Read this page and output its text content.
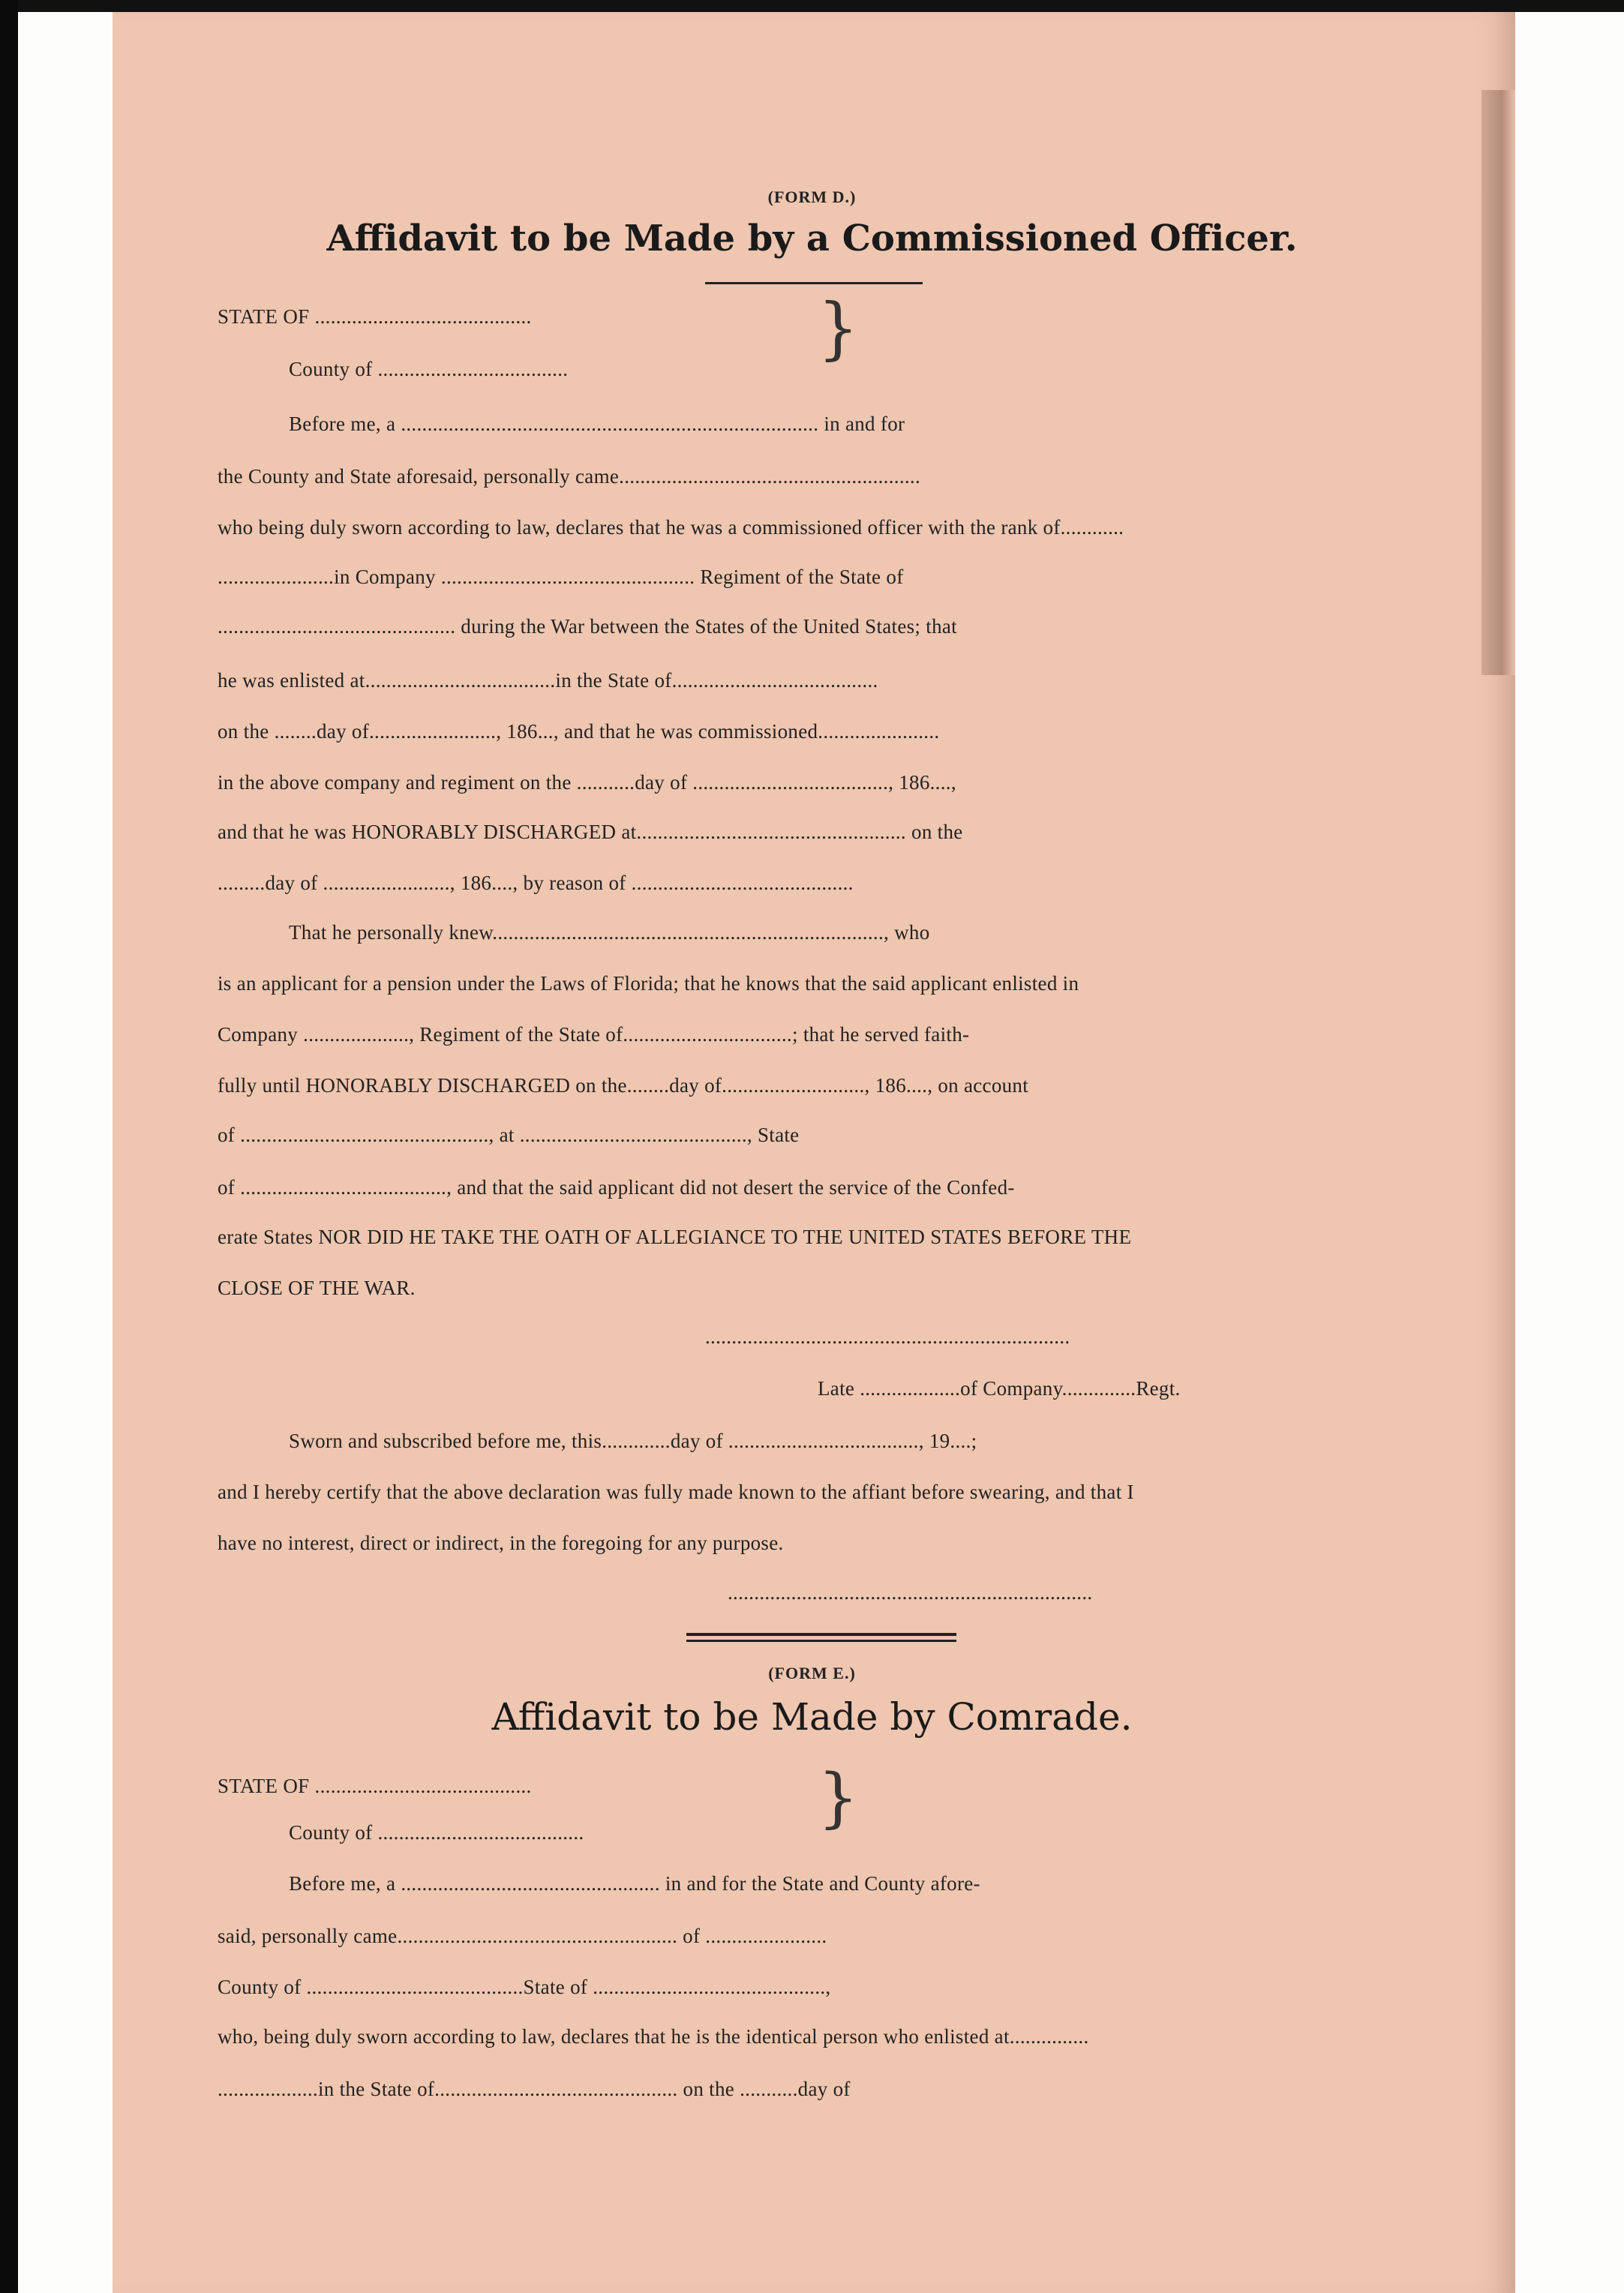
(FORM D.)
Affidavit to be Made by a Commissioned Officer.
STATE OF .........................................
County of ....................................
}
Before me, a ............................................................................... in and for
the County and State aforesaid, personally came.........................................................
who being duly sworn according to law, declares that he was a commissioned officer with the rank of............
......................in Company ................................................ Regiment of the State of
............................................. during the War between the States of the United States; that
he was enlisted at....................................in the State of.......................................
on the ........day of........................, 186..., and that he was commissioned.......................
in the above company and regiment on the ...........day of ....................................., 186....,
and that he was HONORABLY DISCHARGED at................................................... on the
.........day of ........................, 186...., by reason of ..........................................
That he personally knew.........................................................................., who
is an applicant for a pension under the Laws of Florida; that he knows that the said applicant enlisted in
Company ...................., Regiment of the State of................................; that he served faith-
fully until HONORABLY DISCHARGED on the........day of..........................., 186...., on account
of ..............................................., at ..........................................., State
of ......................................., and that the said applicant did not desert the service of the Confed-
erate States NOR DID HE TAKE THE OATH OF ALLEGIANCE TO THE UNITED STATES BEFORE THE
CLOSE OF THE WAR.
.....................................................................
Late ...................of Company..............Regt.
Sworn and subscribed before me, this.............day of ...................................., 19....;
and I hereby certify that the above declaration was fully made known to the affiant before swearing, and that I
have no interest, direct or indirect, in the foregoing for any purpose.
.....................................................................
(FORM E.)
Affidavit to be Made by Comrade.
STATE OF .........................................
County of .......................................	}
Before me, a ................................................. in and for the State and County afore-
said, personally came..................................................... of .......................
County of .........................................State of ............................................,
who, being duly sworn according to law, declares that he is the identical person who enlisted at...............
...................in the State of.............................................. on the ...........day of
